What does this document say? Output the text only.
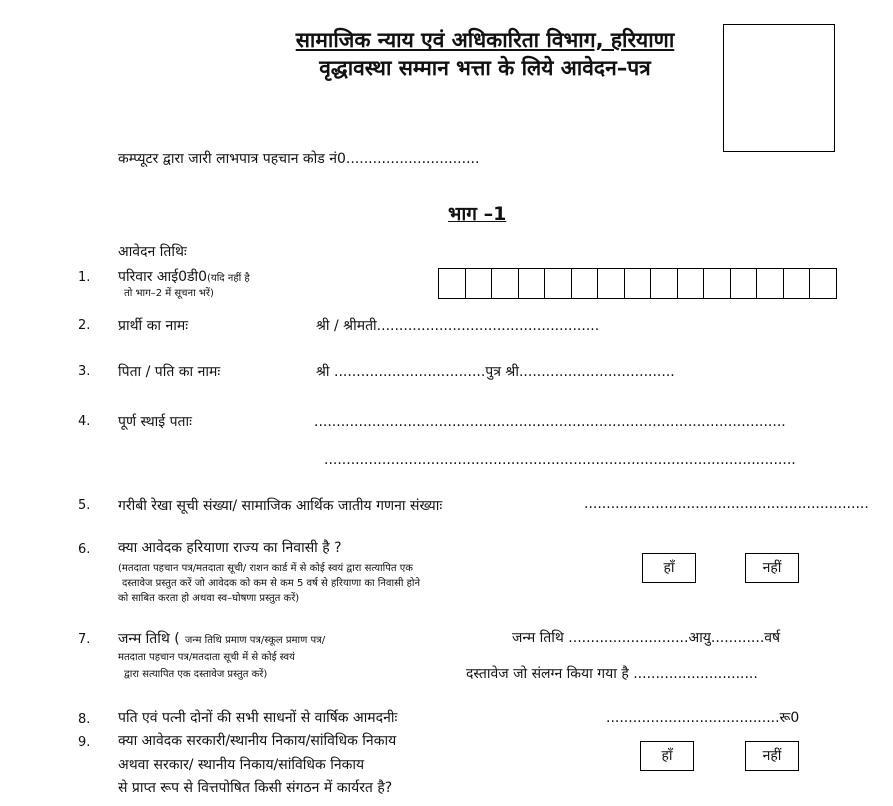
सामाजिक न्याय एवं अधिकारिता विभाग, हरियाणा
वृद्धावस्था सम्मान भत्ता के लिये आवेदन–पत्र
कम्प्यूटर द्वारा जारी लाभपात्र पहचान कोड नं0..............................
भाग –1
आवेदन तिथिः
1. परिवार आई0डी0(यदि नहीं है
तो भाग–2 में सूचना भरें)
2. प्रार्थी का नामः	श्री / श्रीमती..................................................
3. पिता / पति का नामः	श्री ..................................पुत्र श्री...................................
4. पूर्ण स्थाई पताः	..........................................................................................................
..........................................................................................................
5. गरीबी रेखा सूची संख्या/ सामाजिक आर्थिक जातीय गणना संख्याः	................................................................
6. क्या आवेदक हरियाणा राज्य का निवासी है ?
(मतदाता पहचान पत्र/मतदाता सूची/ राशन कार्ड में से कोई स्वयं द्वारा सत्यापित एक
दस्तावेज प्रस्तुत करें जो आवेदक को कम से कम 5 वर्ष से हरियाणा का निवासी होने
को साबित करता हो अथवा स्व–घोषणा प्रस्तुत करें)
हाँ	नहीं
7. जन्म तिथि ( जन्म तिथि प्रमाण पत्र/स्कूल प्रमाण पत्र/
मतदाता पहचान पत्र/मतदाता सूची में से कोई स्वयं
द्वारा सत्यापित एक दस्तावेज प्रस्तुत करें)
जन्म तिथि ...........................आयु............वर्ष
दस्तावेज जो संलग्न किया गया है ............................
8. पति एवं पत्नी दोनों की सभी साधनों से वार्षिक आमदनीः	.......................................रू0
9. क्या आवेदक सरकारी/स्थानीय निकाय/सांविधिक निकाय
अथवा सरकार/ स्थानीय निकाय/सांविधिक निकाय
से प्राप्त रूप से वित्तपोषित किसी संगठन में कार्यरत है?
हाँ	नहीं
